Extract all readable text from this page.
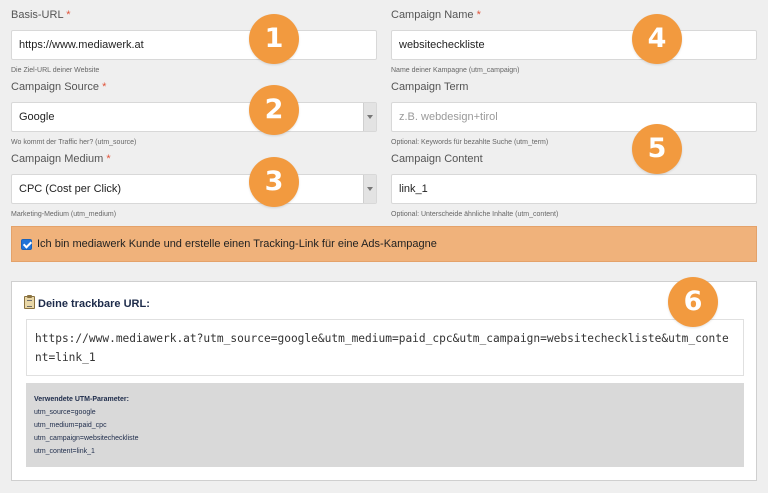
Basis-URL *
https://www.mediawerk.at
Die Ziel-URL deiner Website
Campaign Source *
Google
Wo kommt der Traffic her? (utm_source)
Campaign Medium *
CPC (Cost per Click)
Marketing-Medium (utm_medium)
Campaign Name *
websitecheckliste
Name deiner Kampagne (utm_campaign)
Campaign Term
z.B. webdesign+tirol
Optional: Keywords für bezahlte Suche (utm_term)
Campaign Content
link_1
Optional: Unterscheide ähnliche Inhalte (utm_content)
Ich bin mediawerk Kunde und erstelle einen Tracking-Link für eine Ads-Kampagne
Deine trackbare URL:
https://www.mediawerk.at?utm_source=google&utm_medium=paid_cpc&utm_campaign=websitecheckliste&utm_content=link_1
Verwendete UTM-Parameter:
utm_source=google
utm_medium=paid_cpc
utm_campaign=websitecheckliste
utm_content=link_1
1
2
3
4
5
6
